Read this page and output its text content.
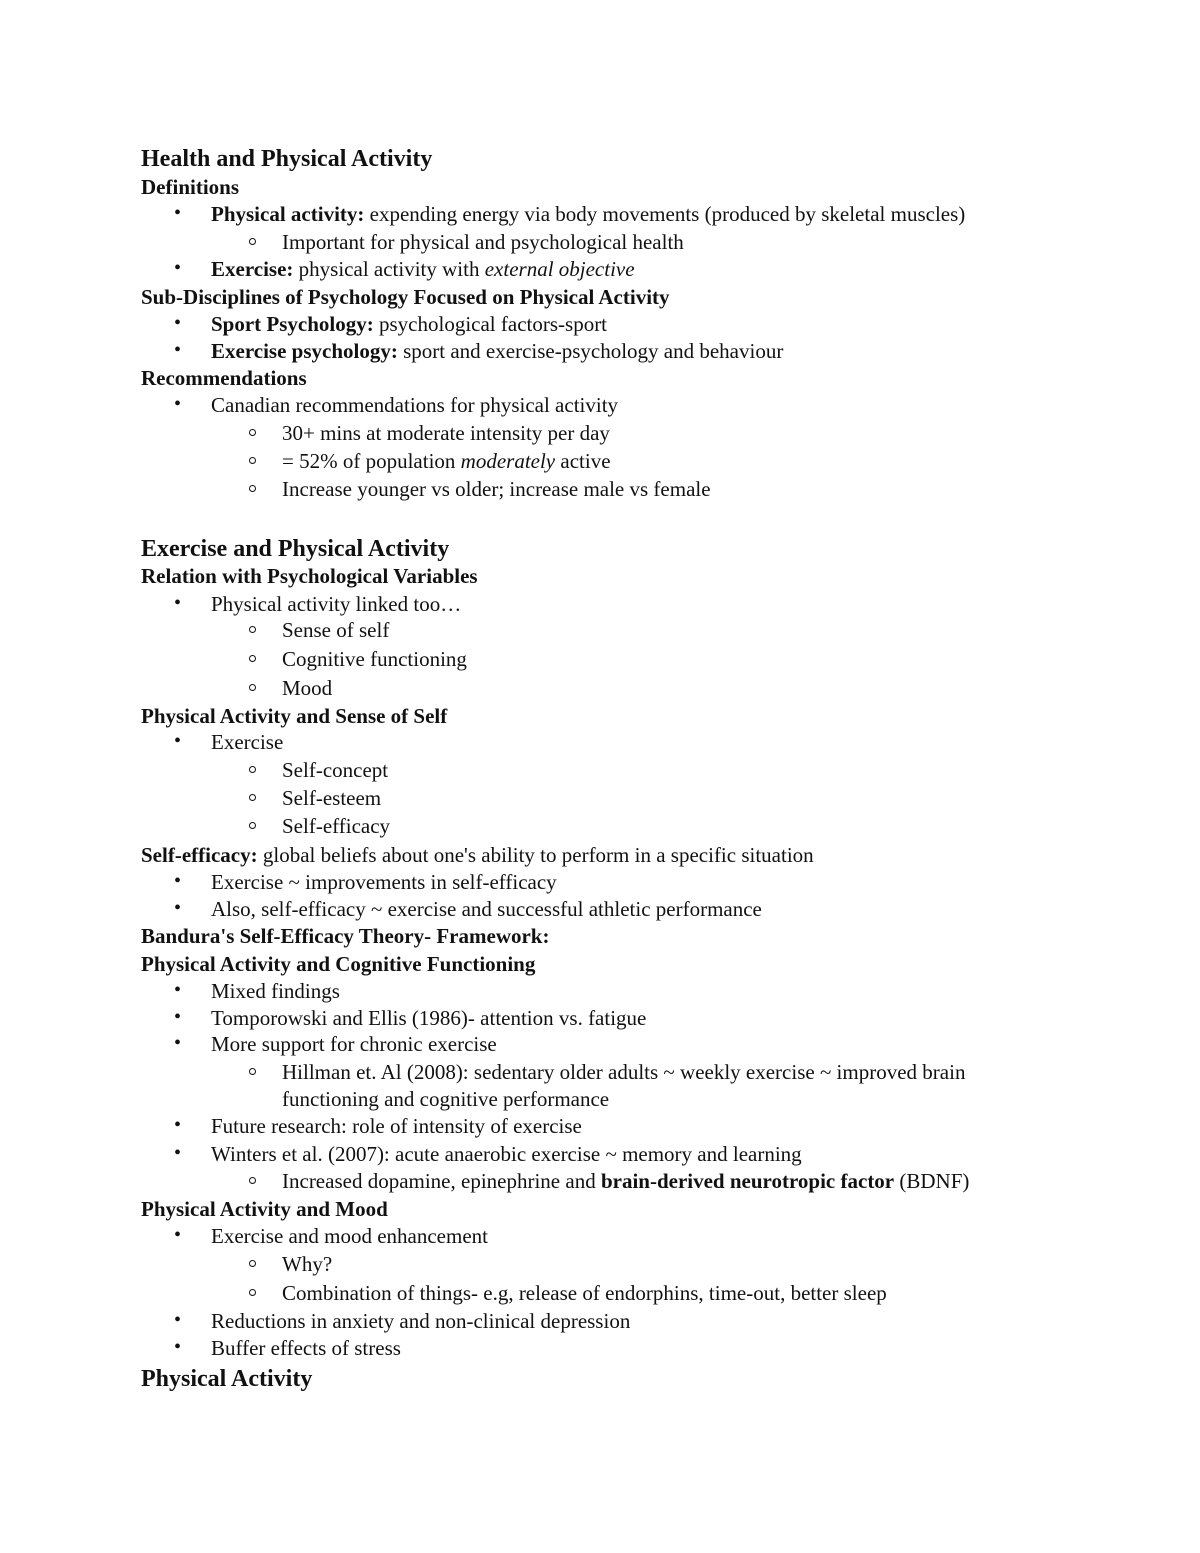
Health and Physical Activity
Definitions
• Physical activity: expending energy via body movements (produced by skeletal muscles)
Important for physical and psychological health
• Exercise: physical activity with external objective
Sub-Disciplines of Psychology Focused on Physical Activity
• Sport Psychology: psychological factors-sport
• Exercise psychology: sport and exercise-psychology and behaviour
Recommendations
• Canadian recommendations for physical activity
30+ mins at moderate intensity per day
= 52% of population moderately active
Increase younger vs older; increase male vs female
Exercise and Physical Activity
Relation with Psychological Variables
• Physical activity linked too…
Sense of self
Cognitive functioning
Mood
Physical Activity and Sense of Self
• Exercise
Self-concept
Self-esteem
Self-efficacy
Self-efficacy: global beliefs about one's ability to perform in a specific situation
• Exercise ~ improvements in self-efficacy
• Also, self-efficacy ~ exercise and successful athletic performance
Bandura's Self-Efficacy Theory- Framework:
Physical Activity and Cognitive Functioning
• Mixed findings
• Tomporowski and Ellis (1986)- attention vs. fatigue
• More support for chronic exercise
Hillman et. Al (2008): sedentary older adults ~ weekly exercise ~ improved brain
functioning and cognitive performance
• Future research: role of intensity of exercise
• Winters et al. (2007): acute anaerobic exercise ~ memory and learning
Increased dopamine, epinephrine and brain-derived neurotropic factor (BDNF)
Physical Activity and Mood
• Exercise and mood enhancement
Why?
Combination of things- e.g, release of endorphins, time-out, better sleep
• Reductions in anxiety and non-clinical depression
• Buffer effects of stress
Physical Activity
